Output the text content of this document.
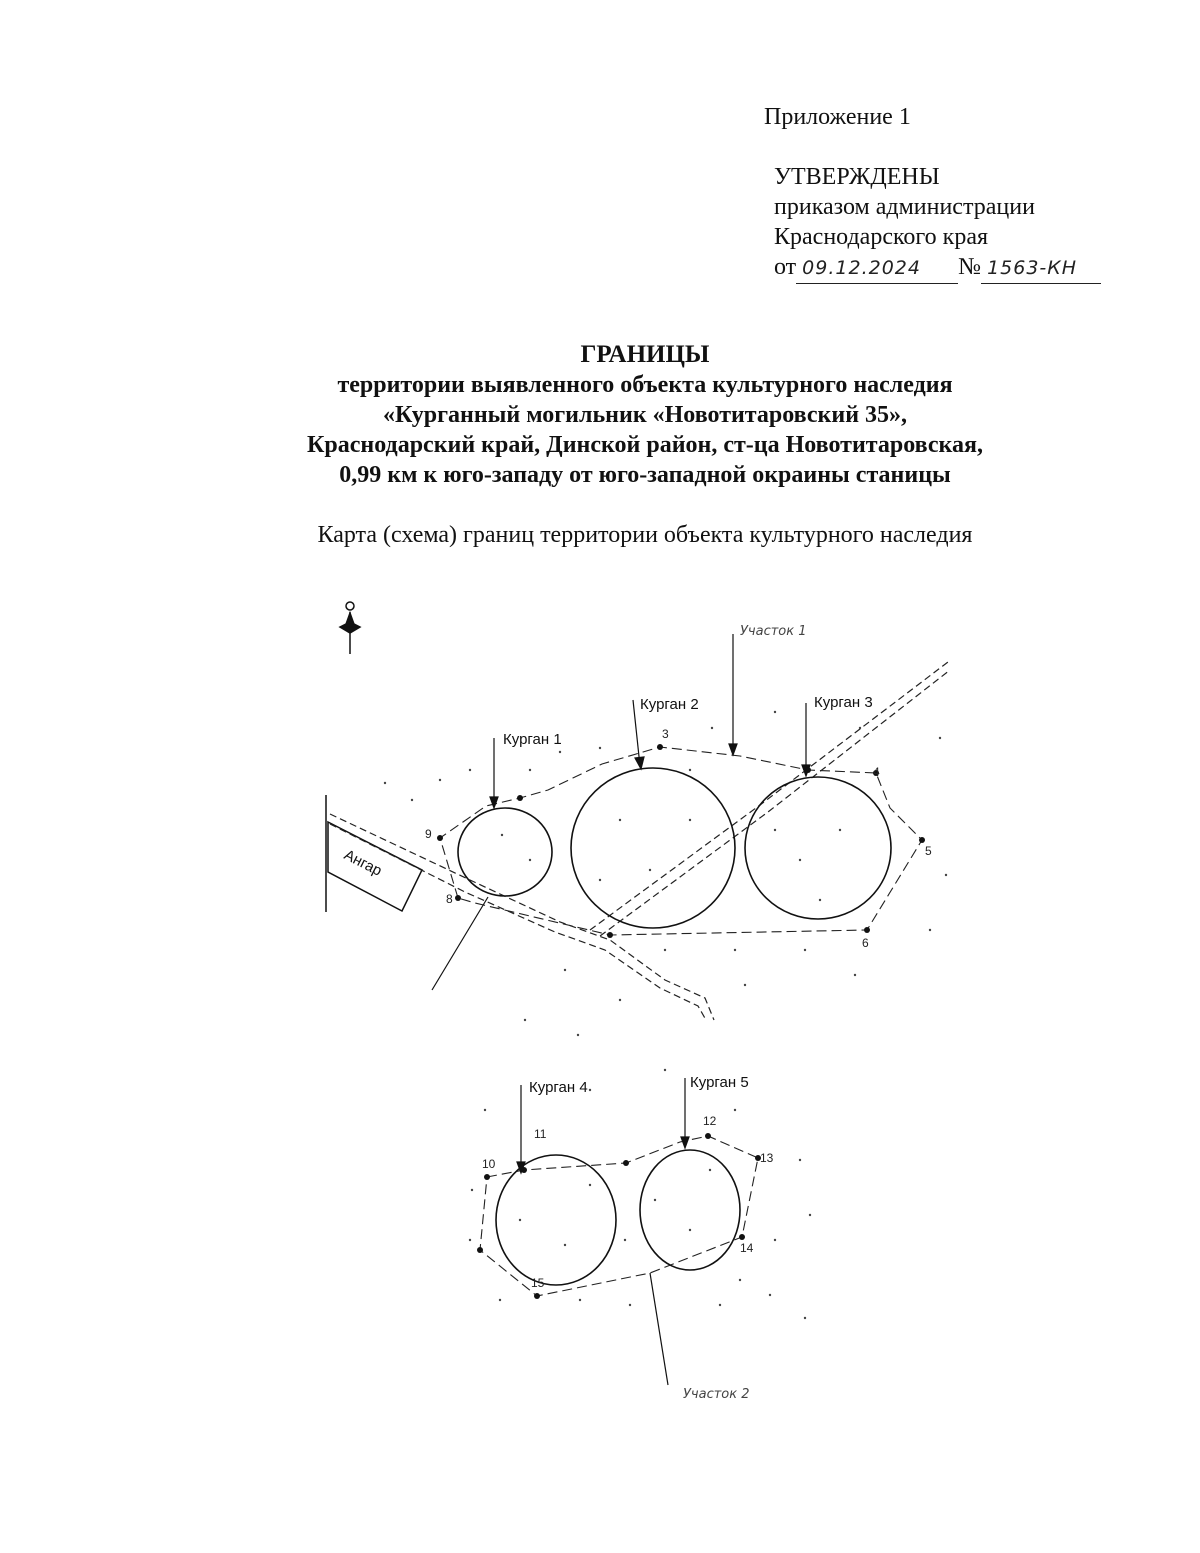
Приложение 1
УТВЕРЖДЕНЫ
приказом администрации
Краснодарского края
от 09.12.2024 № 1563-КН
ГРАНИЦЫ
территории выявленного объекта культурного наследия
«Курганный могильник «Новотитаровский 35»,
Краснодарский край, Динской район, ст-ца Новотитаровская,
0,99 км к юго-западу от юго-западной окраины станицы
Карта (схема) границ территории объекта культурного наследия
Ангар
3
4
5
6
8
9
Курган 1
Курган 2	Курган 3
Участок 1
10
11
12
13
14
15
Курган 4	Курган 5
Участок 2
